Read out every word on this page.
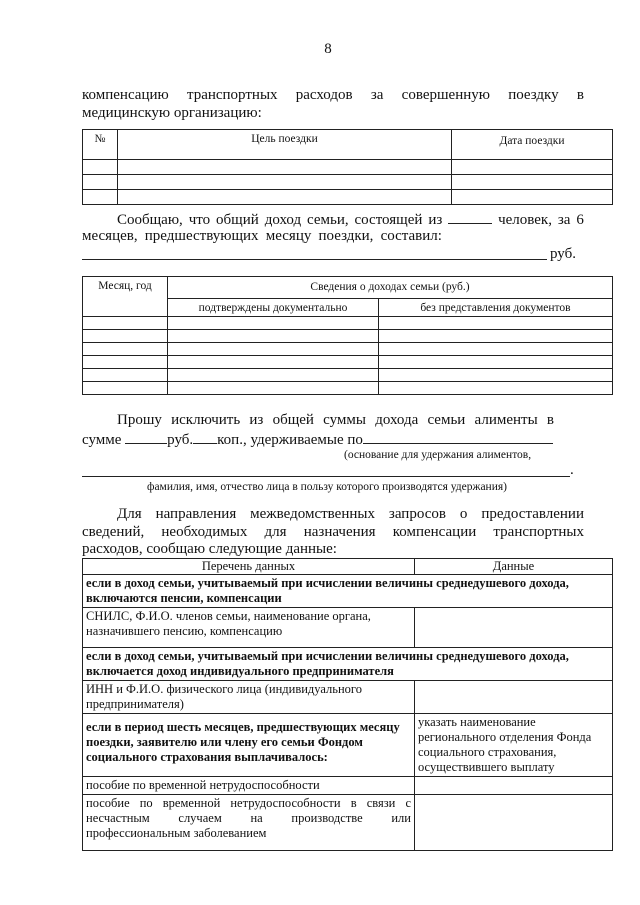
8
компенсацию транспортных расходов за совершенную поездку в
медицинскую организацию:
№	Цель поездки	Дата поездки

Сообщаю, что общий доход семьи, состоящей из	человек, за 6
месяцев, предшествующих месяцу поездки, составил:
руб.
Месяц, год	Сведения о доходах семьи (руб.)	
	подтверждены документально	без представления документов

Прошу исключить из общей суммы дохода семьи алименты в
сумме	руб. коп., удерживаемые по
(основание для удержания алиментов,
.
фамилия, имя, отчество лица в пользу которого производятся удержания)
Для направления межведомственных запросов о предоставлении
сведений, необходимых для назначения компенсации транспортных
расходов, сообщаю следующие данные:
Перечень данных	Данные
если в доход семьи, учитываемый при исчислении величины среднедушевого дохода, включаются пенсии, компенсации	
СНИЛС, Ф.И.О. членов семьи, наименование органа, назначившего пенсию, компенсацию	
если в доход семьи, учитываемый при исчислении величины среднедушевого дохода, включается доход индивидуального предпринимателя	
ИНН и Ф.И.О. физического лица (индивидуального предпринимателя)	
если в период шесть месяцев, предшествующих месяцу поездки, заявителю или члену его семьи Фондом социального страхования выплачивалось:	указать наименование регионального отделения Фонда социального страхования, осуществившего выплату
пособие по временной нетрудоспособности	
пособие по временной нетрудоспособности в связи с несчастным случаем на производстве или профессиональным заболеванием	
